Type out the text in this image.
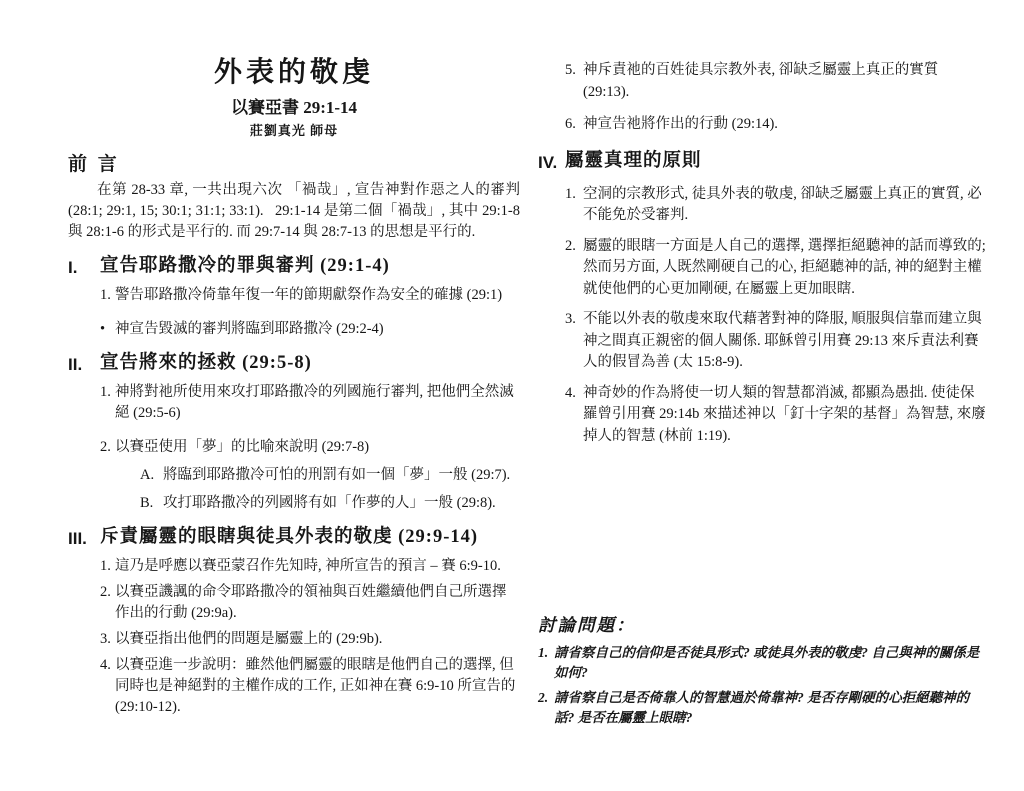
外表的敬虔
以賽亞書 29:1-14
莊劉真光 師母
前 言

在第 28-33 章, 一共出現六次 「禍哉」, 宣告神對作惡之人的審判 (28:1; 29:1, 15; 30:1; 31:1; 33:1).   29:1-14 是第二個「禍哉」, 其中 29:1-8 與 28:1-6 的形式是平行的. 而 29:7-14 與 28:7-13 的思想是平行的.

I.	宣告耶路撒冷的罪與審判 (29:1-4)
1. 警告耶路撒冷倚靠年復一年的節期獻祭作為安全的確據 (29:1)
• 神宣告毀滅的審判將臨到耶路撒冷 (29:2-4)
II. 宣告將來的拯救 (29:5-8)
1. 神將對祂所使用來攻打耶路撒冷的列國施行審判, 把他們全然滅絕 (29:5-6)
2. 以賽亞使用「夢」的比喻來說明 (29:7-8)
A. 將臨到耶路撒冷可怕的刑罰有如一個「夢」一般 (29:7).
B. 攻打耶路撒冷的列國將有如「作夢的人」一般 (29:8).
III. 斥責屬靈的眼瞎與徒具外表的敬虔 (29:9-14)
1. 這乃是呼應以賽亞蒙召作先知時, 神所宣告的預言 – 賽 6:9-10.
2. 以賽亞譏諷的命令耶路撒冷的領袖與百姓繼續他們自己所選擇作出的行動 (29:9a).
3. 以賽亞指出他們的問題是屬靈上的 (29:9b).
4. 以賽亞進一步說明：雖然他們屬靈的眼瞎是他們自己的選擇, 但同時也是神絕對的主權作成的工作, 正如神在賽 6:9-10 所宣告的 (29:10-12).
5. 神斥責祂的百姓徒具宗教外表, 卻缺乏屬靈上真正的實質 (29:13).
6. 神宣告祂將作出的行動 (29:14).
IV. 屬靈真理的原則
1. 空洞的宗教形式, 徒具外表的敬虔, 卻缺乏屬靈上真正的實質, 必不能免於受審判.
2. 屬靈的眼瞎一方面是人自己的選擇, 選擇拒絕聽神的話而導致的; 然而另方面, 人既然剛硬自己的心, 拒絕聽神的話, 神的絕對主權就使他們的心更加剛硬, 在屬靈上更加眼瞎.
3. 不能以外表的敬虔來取代藉著對神的降服, 順服與信靠而建立與神之間真正親密的個人關係. 耶穌曾引用賽 29:13 來斥責法利賽人的假冒為善 (太 15:8-9).
4. 神奇妙的作為將使一切人類的智慧都消滅, 都顯為愚拙. 使徒保羅曾引用賽 29:14b 來描述神以「釘十字架的基督」為智慧, 來廢掉人的智慧 (林前 1:19).
討論問題：
1. 請省察自己的信仰是否徒具形式? 或徒具外表的敬虔? 自己與神的關係是如何?
2. 請省察自己是否倚靠人的智慧過於倚靠神? 是否存剛硬的心拒絕聽神的話? 是否在屬靈上眼瞎?
